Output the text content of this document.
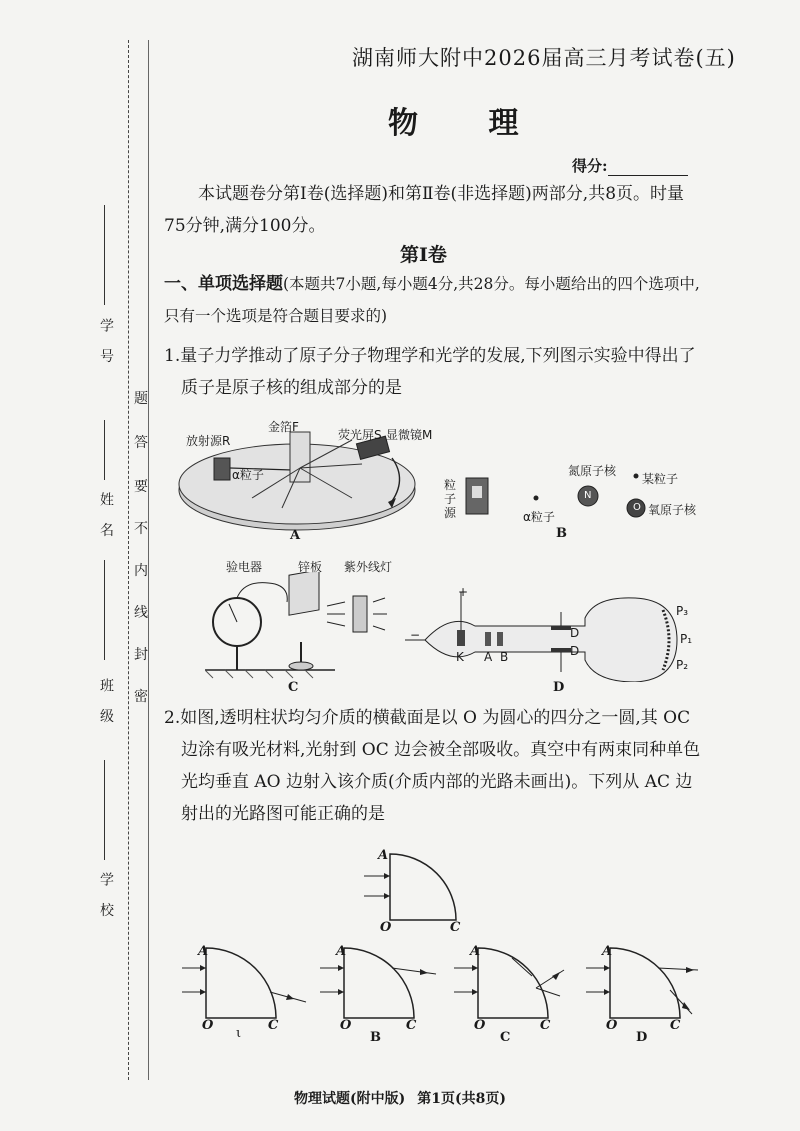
学 号
姓 名
班 级
学 校
题
答
要
不
内
线
封
密
湖南师大附中2026届高三月考试卷(五)
物 理
得分:
本试题卷分第Ⅰ卷(选择题)和第Ⅱ卷(非选择题)两部分,共8页。时量75分钟,满分100分。
第Ⅰ卷
一、单项选择题(本题共7小题,每小题4分,共28分。每小题给出的四个选项中,只有一个选项是符合题目要求的)
1.量子力学推动了原子分子物理学和光学的发展,下列图示实验中得出了
质子是原子核的组成部分的是
放射源R
金箔F
荧光屏S 显微镜M
α粒子
A
粒
子
源	α粒子
氮原子核
N
某粒子
O 氧原子核
B
验电器	锌板 紫外线灯
C
+
−
K A B
D
D
P₃
P₁
P₂
D
2.如图,透明柱状均匀介质的横截面是以 O 为圆心的四分之一圆,其 OC
边涂有吸光材料,光射到 OC 边会被全部吸收。真空中有两束同种单色
光均垂直 AO 边射入该介质(介质内部的光路未画出)。下列从 AC 边
射出的光路图可能正确的是
A
O	C
A
O	C
ι
A
O	C
A
O	C
A
O	C
B	C	D
物理试题(附中版) 第1页(共8页)
